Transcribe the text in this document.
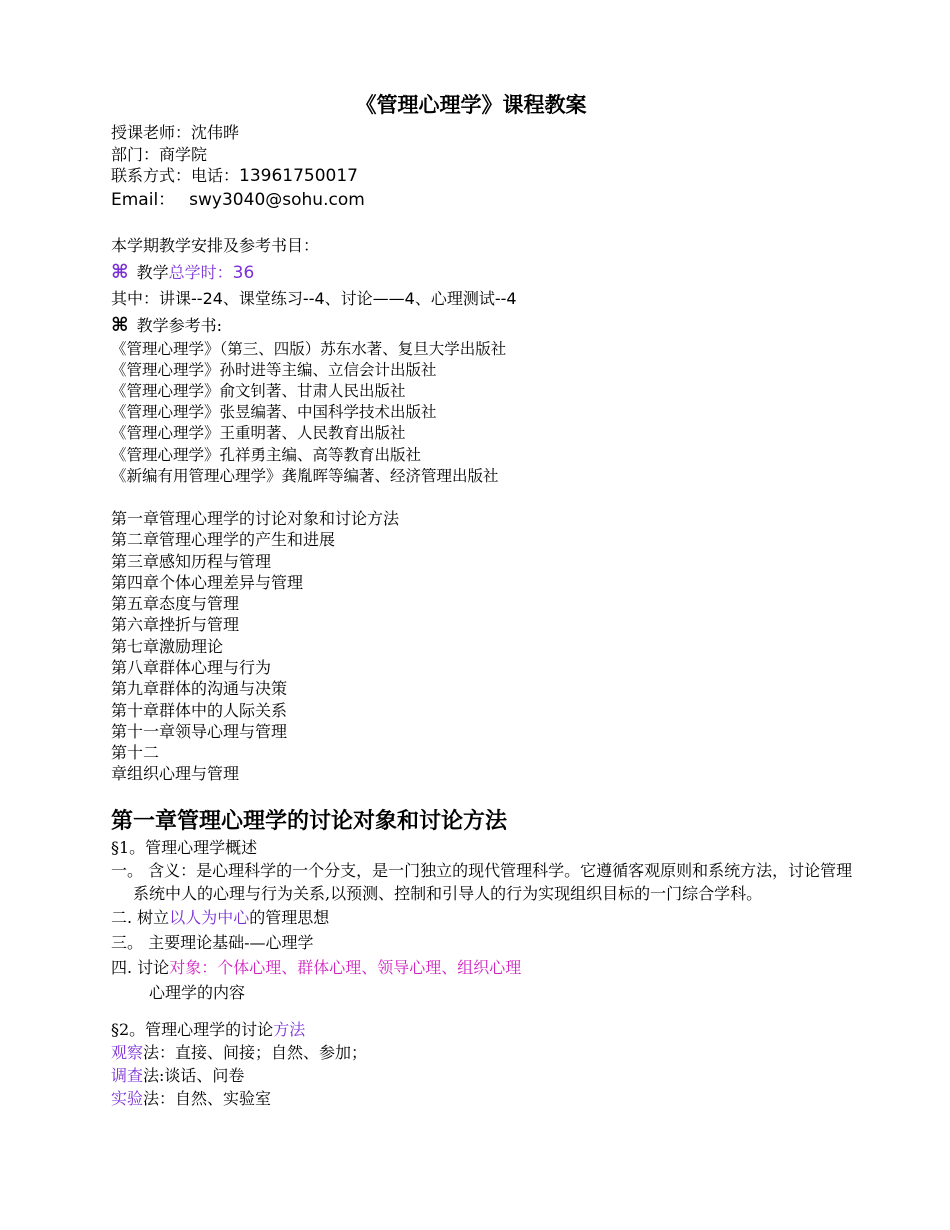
《管理心理学》课程教案
授课老师：沈伟晔
部门：商学院
联系方式：电话：13961750017
Email： swy3040@sohu.com
本学期教学安排及参考书目：
⌘ 教学总学时：36
其中：讲课--24、课堂练习--4、讨论——4、心理测试--4
⌘ 教学参考书:
《管理心理学》（第三、四版）苏东水著、复旦大学出版社
《管理心理学》孙时进等主编、立信会计出版社
《管理心理学》俞文钊著、甘肃人民出版社
《管理心理学》张昱编著、中国科学技术出版社
《管理心理学》王重明著、人民教育出版社
《管理心理学》孔祥勇主编、高等教育出版社
《新编有用管理心理学》龚胤晖等编著、经济管理出版社
第一章管理心理学的讨论对象和讨论方法
第二章管理心理学的产生和进展
第三章感知历程与管理
第四章个体心理差异与管理
第五章态度与管理
第六章挫折与管理
第七章激励理论
第八章群体心理与行为
第九章群体的沟通与决策
第十章群体中的人际关系
第十一章领导心理与管理
第十二
章组织心理与管理
第一章管理心理学的讨论对象和讨论方法
§1。管理心理学概述
一。 含义：是心理科学的一个分支，是一门独立的现代管理科学。它遵循客观原则和系统方法，讨论管理系统中人的心理与行为关系,以预测、控制和引导人的行为实现组织目标的一门综合学科。
二. 树立以人为中心的管理思想
三。 主要理论基础-—心理学
四. 讨论对象：个体心理、群体心理、领导心理、组织心理
心理学的内容
§2。管理心理学的讨论方法
观察法：直接、间接；自然、参加；
调查法:谈话、问卷
实验法：自然、实验室
